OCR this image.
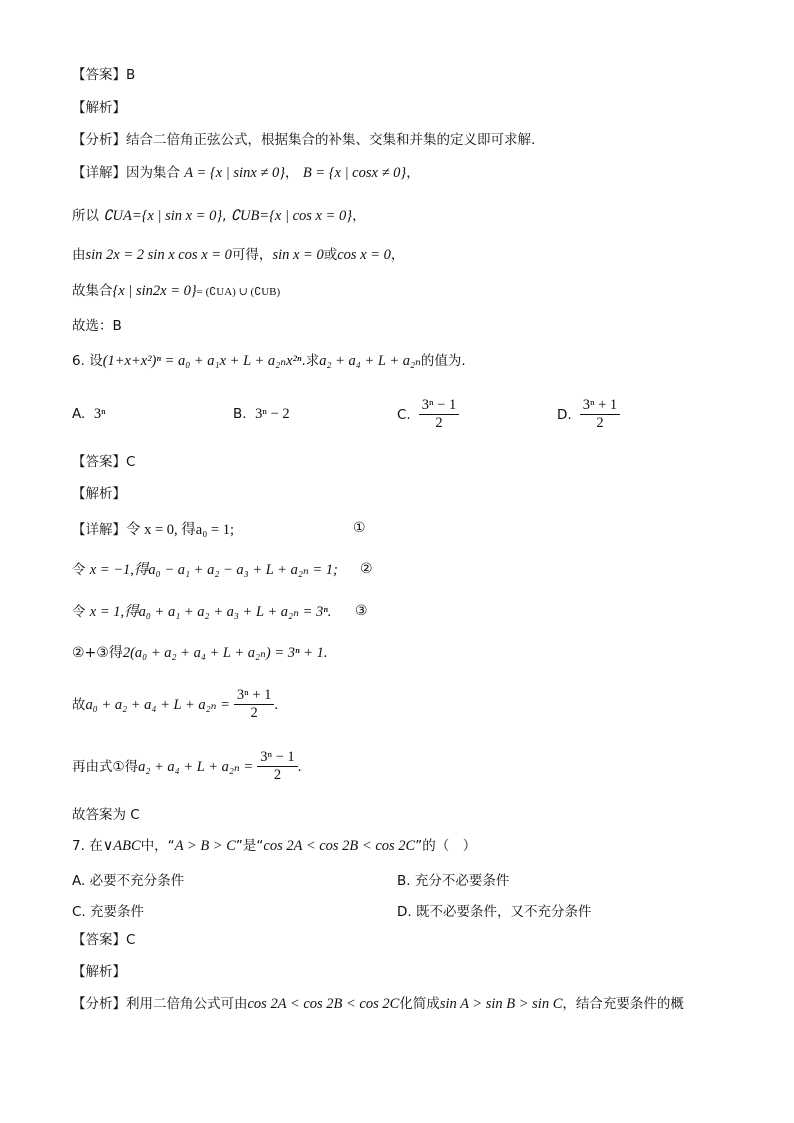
【答案】B
【解析】
【分析】结合二倍角正弦公式，根据集合的补集、交集和并集的定义即可求解.
【详解】因为集合 A = {x | sinx ≠ 0}， B = {x | cosx ≠ 0}，
所以 ∁UA={x | sin x = 0}, ∁UB={x | cos x = 0}，
由sin 2x = 2 sin x cos x = 0可得，sin x = 0或cos x = 0，
故集合{x | sin2x = 0}= (∁UA) ∪ (∁UB)
故选：B
6. 设(1+x+x²)ⁿ = a₀ + a₁x + L + a₂ₙx²ⁿ.求a₂ + a₄ + L + a₂ₙ的值为.
A. 3ⁿ	B. 3ⁿ − 2	C. $\frac{\text{3ⁿ − 1}}{2}$	D. $\frac{\text{3ⁿ + 1}}{2}$
【答案】C
【解析】
【详解】令 x = 0, 得a₀ = 1;	①
令 x = −1,得a₀ − a₁ + a₂ − a₃ + L + a₂ₙ = 1; ②
令 x = 1,得a₀ + a₁ + a₂ + a₃ + L + a₂ₙ = 3ⁿ. ③
②+③得2(a₀ + a₂ + a₄ + L + a₂ₙ) = 3ⁿ + 1.
故 $a_0 + a_2 + a_4 + L + a_{2n} = \frac{\text{3ⁿ + 1}}{2}$ .
再由式①得 $a_2 + a_4 + L + a_{2n} = \frac{\text{3ⁿ − 1}}{2}$ .
故答案为 C
7. 在∨ABC中，“A > B > C”是“cos 2A < cos 2B < cos 2C”的（　）
A. 必要不充分条件	B. 充分不必要条件
C. 充要条件	D. 既不必要条件，又不充分条件
【答案】C
【解析】
【分析】利用二倍角公式可由cos 2A < cos 2B < cos 2C化简成sin A > sin B > sin C，结合充要条件的概
